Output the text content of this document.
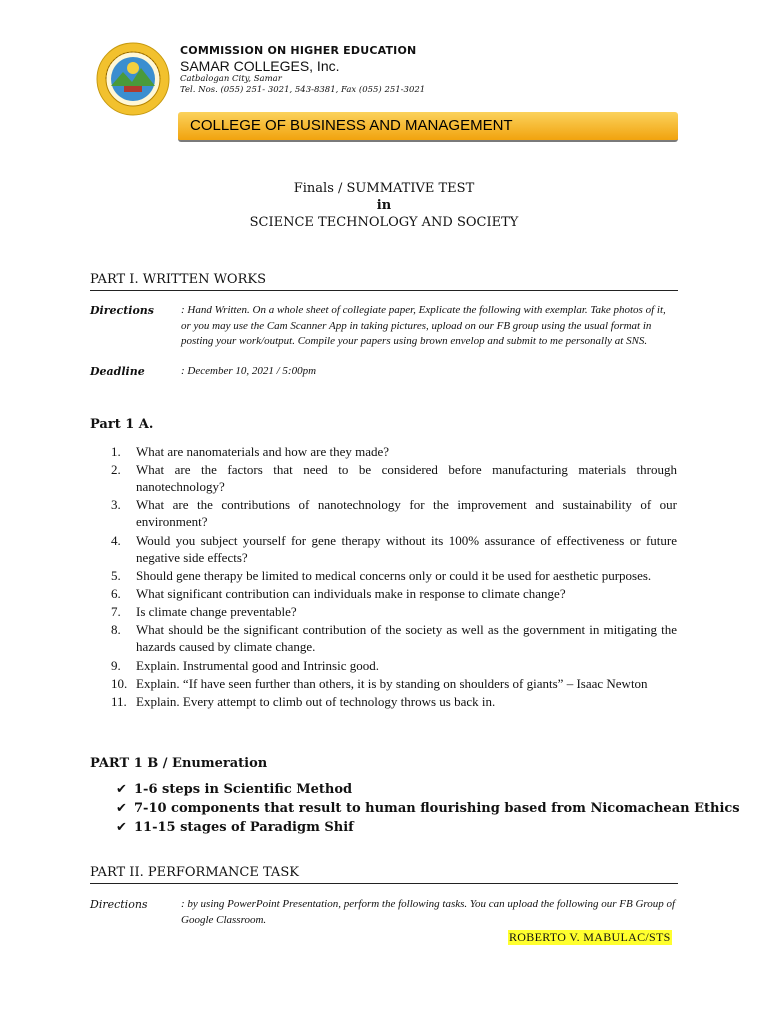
COMMISSION ON HIGHER EDUCATION
SAMAR COLLEGES, Inc.
Catbalogan City, Samar
Tel. Nos. (055) 251- 3021, 543-8381, Fax (055) 251-3021
COLLEGE OF BUSINESS AND MANAGEMENT
Finals / SUMMATIVE TEST
in
SCIENCE TECHNOLOGY AND SOCIETY
PART I. WRITTEN WORKS
Directions : Hand Written. On a whole sheet of collegiate paper, Explicate the following with exemplar. Take photos of it, or you may use the Cam Scanner App in taking pictures, upload on our FB group using the usual format in posting your work/output. Compile your papers using brown envelop and submit to me personally at SNS.
Deadline	: December 10, 2021 / 5:00pm
Part 1 A.
1. What are nanomaterials and how are they made?
2. What are the factors that need to be considered before manufacturing materials through nanotechnology?
3. What are the contributions of nanotechnology for the improvement and sustainability of our environment?
4. Would you subject yourself for gene therapy without its 100% assurance of effectiveness or future negative side effects?
5. Should gene therapy be limited to medical concerns only or could it be used for aesthetic purposes.
6. What significant contribution can individuals make in response to climate change?
7. Is climate change preventable?
8. What should be the significant contribution of the society as well as the government in mitigating the hazards caused by climate change.
9. Explain. Instrumental good and Intrinsic good.
10. Explain. “If have seen further than others, it is by standing on shoulders of giants” – Isaac Newton
11. Explain. Every attempt to climb out of technology throws us back in.
PART 1 B / Enumeration
✔ 1-6 steps in Scientific Method
✔ 7-10 components that result to human flourishing based from Nicomachean Ethics
✔ 11-15 stages of Paradigm Shif
PART II. PERFORMANCE TASK
Directions	: by using PowerPoint Presentation, perform the following tasks. You can upload the following our FB Group of Google Classroom.
ROBERTO V. MABULAC/STS
